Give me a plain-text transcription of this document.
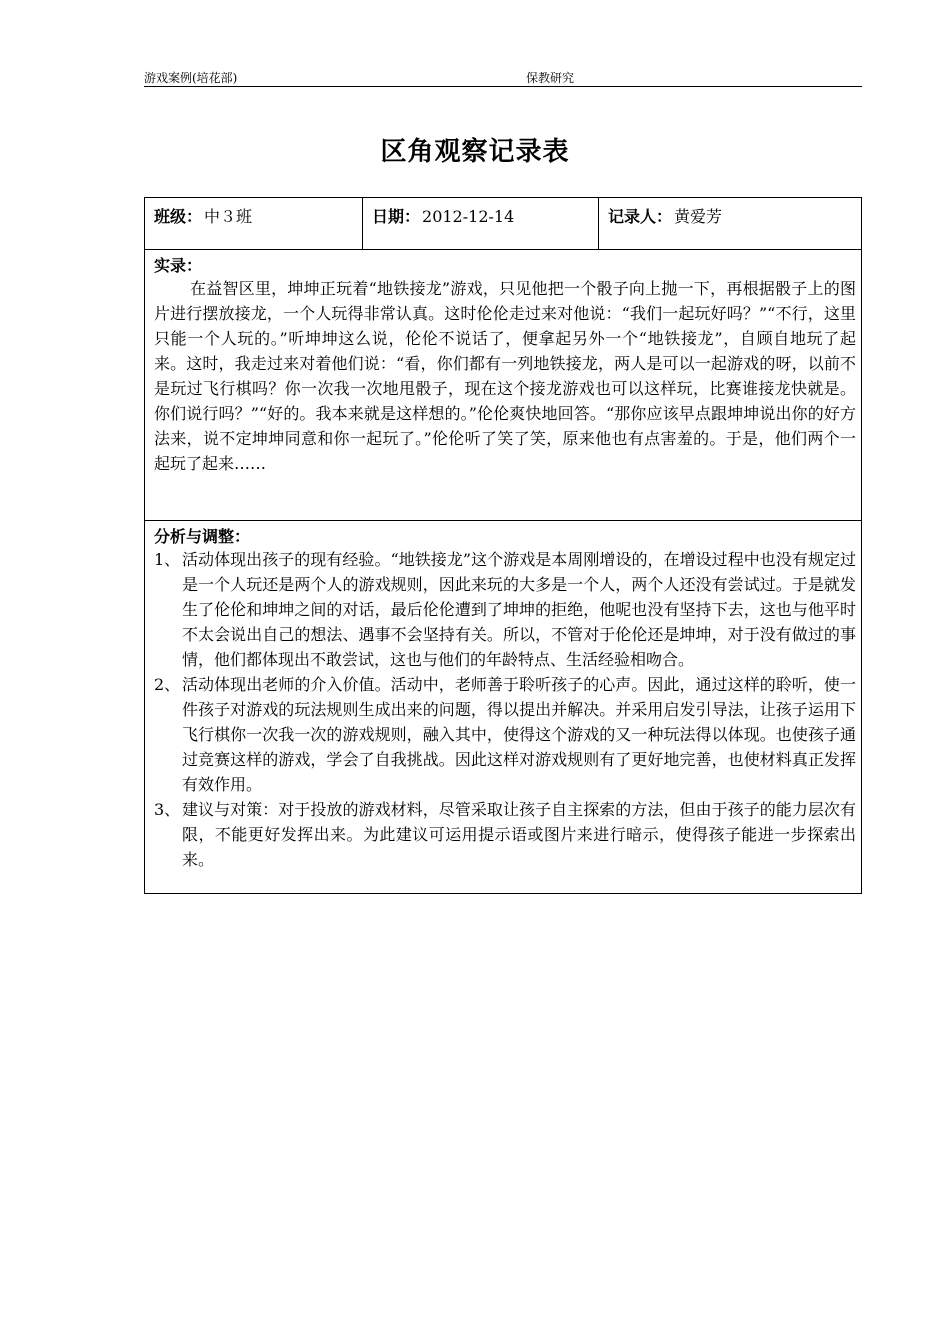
游戏案例(培花部)	保教研究
区角观察记录表
班级： 中３班	日期： 2012-12-14	记录人： 黄爱芳
实录：
在益智区里，坤坤正玩着“地铁接龙”游戏，只见他把一个骰子向上抛一下，再根据骰子上的图片进行摆放接龙，一个人玩得非常认真。这时伦伦走过来对他说：“我们一起玩好吗？”“不行，这里只能一个人玩的。”听坤坤这么说，伦伦不说话了，便拿起另外一个“地铁接龙”，自顾自地玩了起来。这时，我走过来对着他们说：“看，你们都有一列地铁接龙，两人是可以一起游戏的呀，以前不是玩过飞行棋吗？你一次我一次地甩骰子，现在这个接龙游戏也可以这样玩，比赛谁接龙快就是。你们说行吗？”“好的。我本来就是这样想的。”伦伦爽快地回答。“那你应该早点跟坤坤说出你的好方法来，说不定坤坤同意和你一起玩了。”伦伦听了笑了笑，原来他也有点害羞的。于是，他们两个一起玩了起来……
分析与调整：
1、 活动体现出孩子的现有经验。“地铁接龙”这个游戏是本周刚增设的，在增设过程中也没有规定过是一个人玩还是两个人的游戏规则，因此来玩的大多是一个人，两个人还没有尝试过。于是就发生了伦伦和坤坤之间的对话，最后伦伦遭到了坤坤的拒绝，他呢也没有坚持下去，这也与他平时不太会说出自己的想法、遇事不会坚持有关。所以，不管对于伦伦还是坤坤，对于没有做过的事情，他们都体现出不敢尝试，这也与他们的年龄特点、生活经验相吻合。
2、 活动体现出老师的介入价值。活动中，老师善于聆听孩子的心声。因此，通过这样的聆听，使一件孩子对游戏的玩法规则生成出来的问题，得以提出并解决。并采用启发引导法，让孩子运用下飞行棋你一次我一次的游戏规则，融入其中，使得这个游戏的又一种玩法得以体现。也使孩子通过竞赛这样的游戏，学会了自我挑战。因此这样对游戏规则有了更好地完善，也使材料真正发挥有效作用。
3、 建议与对策：对于投放的游戏材料，尽管采取让孩子自主探索的方法，但由于孩子的能力层次有限，不能更好发挥出来。为此建议可运用提示语或图片来进行暗示，使得孩子能进一步探索出来。
